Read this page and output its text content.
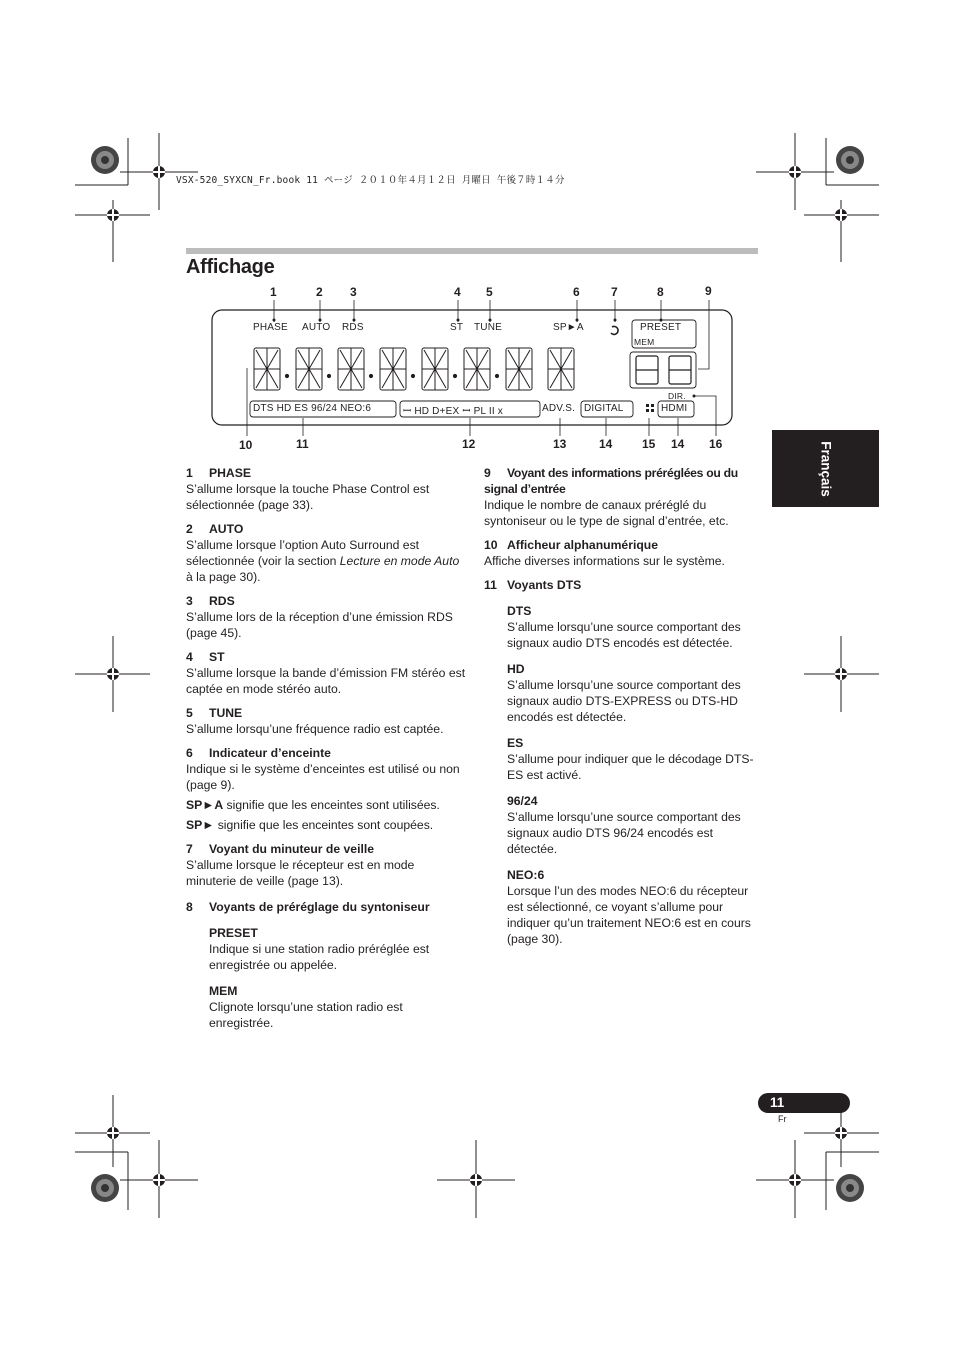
VSX-520_SYXCN_Fr.book 11 ページ ２０１０年４月１２日 月曜日 午後７時１４分
Affichage
Français
1	2 3	4 5	6	7	8	9
10	11	12	13	14 15 14 16
PHASE AUTO RDS	ST TUNE	SP►A	PRESET
MEM
DIR.
DTS HD ES 96/24 NEO:6	ꟷ HD D+EX ꟷ PL II x	ADV.S. DIGITAL	HDMI
1 PHASE

S’allume lorsque la touche Phase Control est sélectionnée (page 33).

2 AUTO

S’allume lorsque l’option Auto Surround est sélectionnée (voir la section Lecture en mode Auto à la page 30).

3 RDS

S’allume lors de la réception d’une émission RDS (page 45).

4 ST

S’allume lorsque la bande d’émission FM stéréo est captée en mode stéréo auto.

5 TUNE

S’allume lorsqu’une fréquence radio est captée.

6 Indicateur d’enceinte

Indique si le système d’enceintes est utilisé ou non (page 9).

SP►A signifie que les enceintes sont utilisées.

SP► signifie que les enceintes sont coupées.

7 Voyant du minuteur de veille

S’allume lorsque le récepteur est en mode minuterie de veille (page 13).

8 Voyants de préréglage du syntoniseur
PRESET

Indique si une station radio préréglée est enregistrée ou appelée.

MEM

Clignote lorsqu’une station radio est enregistrée.

9 Voyant des informations préréglées ou du signal d’entrée

Indique le nombre de canaux préréglé du syntoniseur ou le type de signal d’entrée, etc.

10 Afficheur alphanumérique

Affiche diverses informations sur le système.

11 Voyants DTS
DTS

S’allume lorsqu’une source comportant des signaux audio DTS encodés est détectée.

HD

S’allume lorsqu’une source comportant des signaux audio DTS-EXPRESS ou DTS-HD encodés est détectée.

ES

S’allume pour indiquer que le décodage DTS-ES est activé.

96/24

S’allume lorsqu’une source comportant des signaux audio DTS 96/24 encodés est détectée.

NEO:6

Lorsque l’un des modes NEO:6 du récepteur est sélectionné, ce voyant s’allume pour indiquer qu’un traitement NEO:6 est en cours (page 30).

11
Fr
